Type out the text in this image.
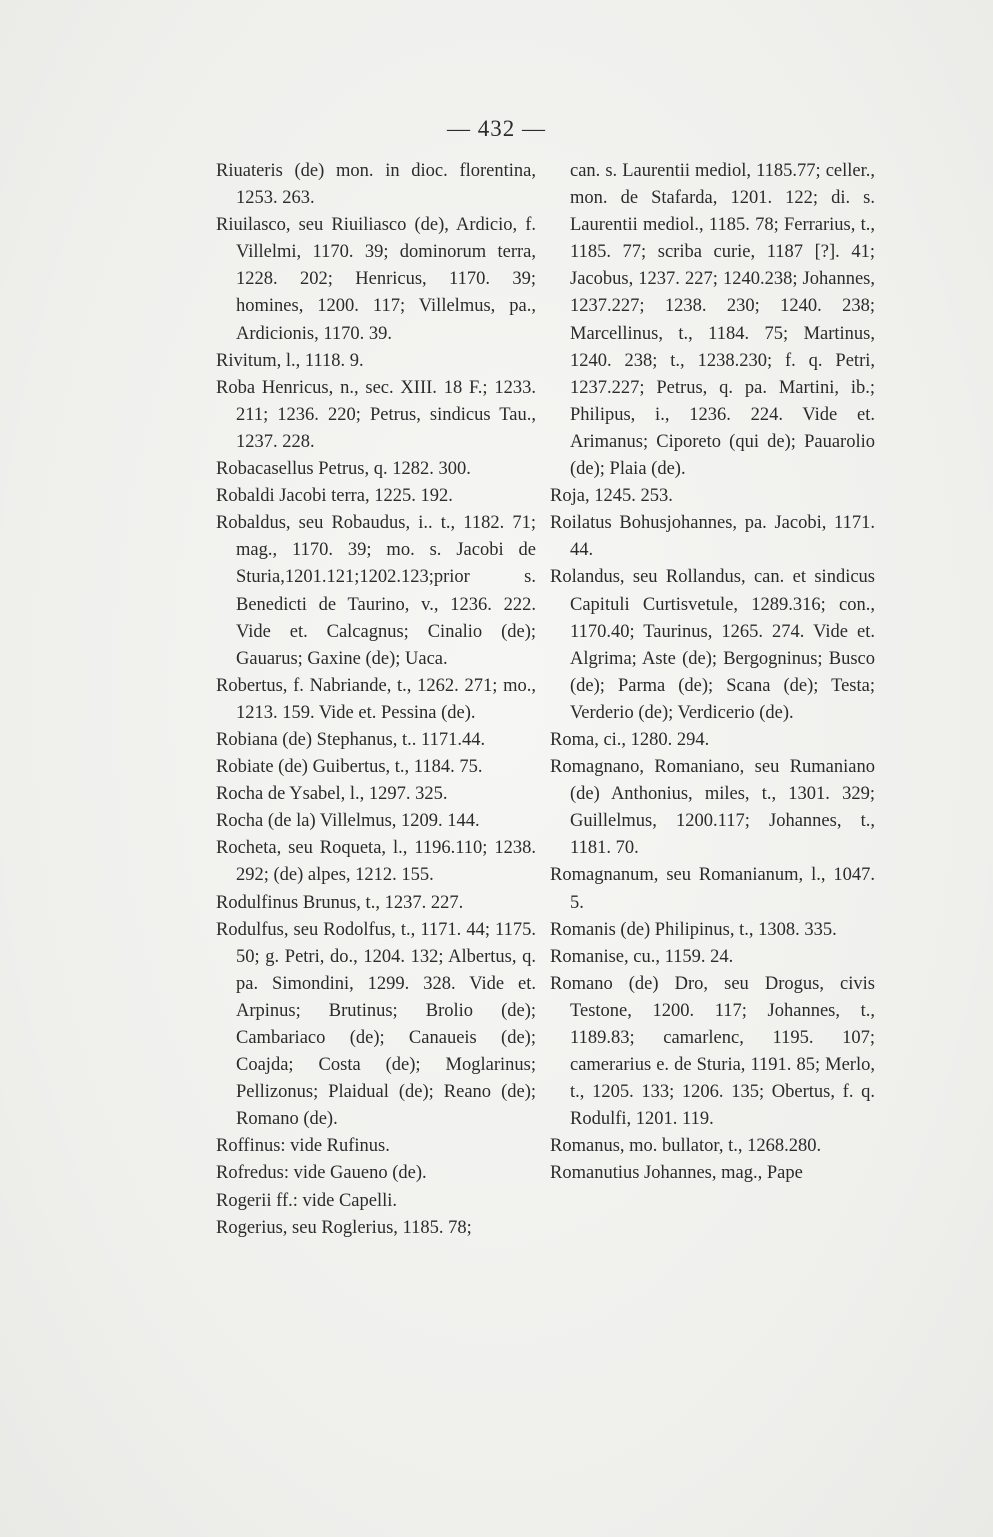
— 432 —

Riuateris (de) mon. in dioc. florentina, 1253. 263.

Riuilasco, seu Riuiliasco (de), Ardicio, f. Villelmi, 1170. 39; dominorum terra, 1228. 202; Henricus, 1170. 39; homines, 1200. 117; Villelmus, pa., Ardicionis, 1170. 39.

Rivitum, l., 1118. 9.

Roba Henricus, n., sec. XIII. 18 F.; 1233. 211; 1236. 220; Petrus, sindicus Tau., 1237. 228.

Robacasellus Petrus, q. 1282. 300.

Robaldi Jacobi terra, 1225. 192.

Robaldus, seu Robaudus, i.. t., 1182. 71; mag., 1170. 39; mo. s. Jacobi de Sturia,1201.121;1202.123;prior s. Benedicti de Taurino, v., 1236. 222. Vide et. Calcagnus; Cinalio (de); Gauarus; Gaxine (de); Uaca.

Robertus, f. Nabriande, t., 1262. 271; mo., 1213. 159. Vide et. Pessina (de).

Robiana (de) Stephanus, t.. 1171.44.

Robiate (de) Guibertus, t., 1184. 75.

Rocha de Ysabel, l., 1297. 325.

Rocha (de la) Villelmus, 1209. 144.

Rocheta, seu Roqueta, l., 1196.110; 1238. 292; (de) alpes, 1212. 155.

Rodulfinus Brunus, t., 1237. 227.

Rodulfus, seu Rodolfus, t., 1171. 44; 1175. 50; g. Petri, do., 1204. 132; Albertus, q. pa. Simondini, 1299. 328. Vide et. Arpinus; Brutinus; Brolio (de); Cambariaco (de); Canaueis (de); Coajda; Costa (de); Moglarinus; Pellizonus; Plaidual (de); Reano (de); Romano (de).

Roffinus: vide Rufinus.

Rofredus: vide Gaueno (de).

Rogerii ff.: vide Capelli.

Rogerius, seu Roglerius, 1185. 78;

can. s. Laurentii mediol, 1185.77; celler., mon. de Stafarda, 1201. 122; di. s. Laurentii mediol., 1185. 78; Ferrarius, t., 1185. 77; scriba curie, 1187 [?]. 41; Jacobus, 1237. 227; 1240.238; Johannes, 1237.227; 1238. 230; 1240. 238; Marcellinus, t., 1184. 75; Martinus, 1240. 238; t., 1238.230; f. q. Petri, 1237.227; Petrus, q. pa. Martini, ib.; Philipus, i., 1236. 224. Vide et. Arimanus; Ciporeto (qui de); Pauarolio (de); Plaia (de).

Roja, 1245. 253.

Roilatus Bohusjohannes, pa. Jacobi, 1171. 44.

Rolandus, seu Rollandus, can. et sindicus Capituli Curtisvetule, 1289.316; con., 1170.40; Taurinus, 1265. 274. Vide et. Algrima; Aste (de); Bergogninus; Busco (de); Parma (de); Scana (de); Testa; Verderio (de); Verdicerio (de).

Roma, ci., 1280. 294.

Romagnano, Romaniano, seu Rumaniano (de) Anthonius, miles, t., 1301. 329; Guillelmus, 1200.117; Johannes, t., 1181. 70.

Romagnanum, seu Romanianum, l., 1047. 5.

Romanis (de) Philipinus, t., 1308. 335.

Romanise, cu., 1159. 24.

Romano (de) Dro, seu Drogus, civis Testone, 1200. 117; Johannes, t., 1189.83; camarlenc, 1195. 107; camerarius e. de Sturia, 1191. 85; Merlo, t., 1205. 133; 1206. 135; Obertus, f. q. Rodulfi, 1201. 119.

Romanus, mo. bullator, t., 1268.280.

Romanutius Johannes, mag., Pape
